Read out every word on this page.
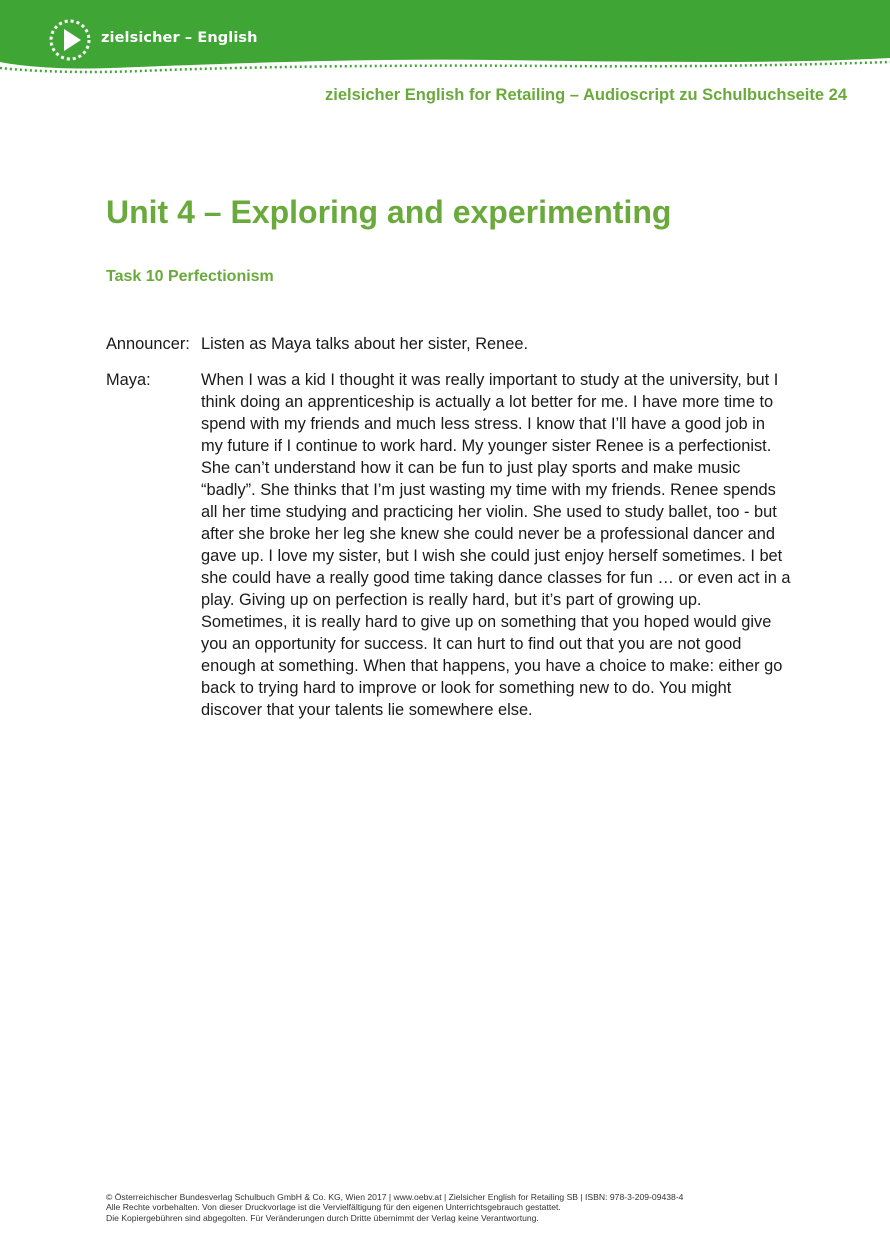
zielsicher – English
zielsicher English for Retailing – Audioscript zu Schulbuchseite 24
Unit 4 – Exploring and experimenting
Task 10 Perfectionism
Announcer: Listen as Maya talks about her sister, Renee.

Maya:	When I was a kid I thought it was really important to study at the university, but I think doing an apprenticeship is actually a lot better for me. I have more time to spend with my friends and much less stress. I know that I’ll have a good job in my future if I continue to work hard. My younger sister Renee is a perfectionist. She can’t understand how it can be fun to just play sports and make music “badly”. She thinks that I’m just wasting my time with my friends. Renee spends all her time studying and practicing her violin. She used to study ballet, too - but after she broke her leg she knew she could never be a professional dancer and gave up. I love my sister, but I wish she could just enjoy herself sometimes. I bet she could have a really good time taking dance classes for fun … or even act in a play. Giving up on perfection is really hard, but it’s part of growing up. Sometimes, it is really hard to give up on something that you hoped would give you an opportunity for success. It can hurt to find out that you are not good enough at something. When that happens, you have a choice to make: either go back to trying hard to improve or look for something new to do. You might discover that your talents lie somewhere else.

© Österreichischer Bundesverlag Schulbuch GmbH & Co. KG, Wien 2017 | www.oebv.at | Zielsicher English for Retailing SB | ISBN: 978-3-209-09438-4
Alle Rechte vorbehalten. Von dieser Druckvorlage ist die Vervielfältigung für den eigenen Unterrichtsgebrauch gestattet.
Die Kopiergebühren sind abgegolten. Für Veränderungen durch Dritte übernimmt der Verlag keine Verantwortung.
